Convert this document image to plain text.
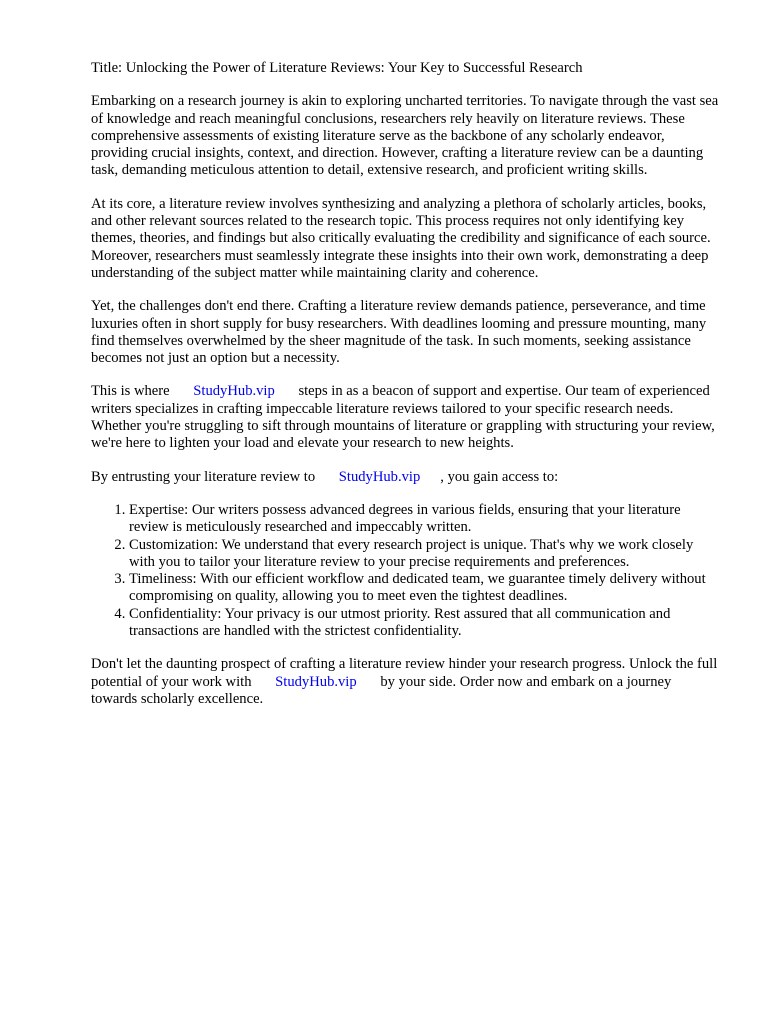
Title: Unlocking the Power of Literature Reviews: Your Key to Successful Research

Embarking on a research journey is akin to exploring uncharted territories. To navigate through the vast sea of knowledge and reach meaningful conclusions, researchers rely heavily on literature reviews. These comprehensive assessments of existing literature serve as the backbone of any scholarly endeavor, providing crucial insights, context, and direction. However, crafting a literature review can be a daunting task, demanding meticulous attention to detail, extensive research, and proficient writing skills.

At its core, a literature review involves synthesizing and analyzing a plethora of scholarly articles, books, and other relevant sources related to the research topic. This process requires not only identifying key themes, theories, and findings but also critically evaluating the credibility and significance of each source. Moreover, researchers must seamlessly integrate these insights into their own work, demonstrating a deep understanding of the subject matter while maintaining clarity and coherence.

Yet, the challenges don't end there. Crafting a literature review demands patience, perseverance, and time luxuries often in short supply for busy researchers. With deadlines looming and pressure mounting, many find themselves overwhelmed by the sheer magnitude of the task. In such moments, seeking assistance becomes not just an option but a necessity.

This is where StudyHub.vip steps in as a beacon of support and expertise. Our team of experienced writers specializes in crafting impeccable literature reviews tailored to your specific research needs. Whether you're struggling to sift through mountains of literature or grappling with structuring your review, we're here to lighten your load and elevate your research to new heights.

By entrusting your literature review to StudyHub.vip , you gain access to:

1. Expertise: Our writers possess advanced degrees in various fields, ensuring that your literature review is meticulously researched and impeccably written.
2. Customization: We understand that every research project is unique. That's why we work closely with you to tailor your literature review to your precise requirements and preferences.
3. Timeliness: With our efficient workflow and dedicated team, we guarantee timely delivery without compromising on quality, allowing you to meet even the tightest deadlines.
4. Confidentiality: Your privacy is our utmost priority. Rest assured that all communication and transactions are handled with the strictest confidentiality.

Don't let the daunting prospect of crafting a literature review hinder your research progress. Unlock the full potential of your work with StudyHub.vip by your side. Order now and embark on a journey towards scholarly excellence.
